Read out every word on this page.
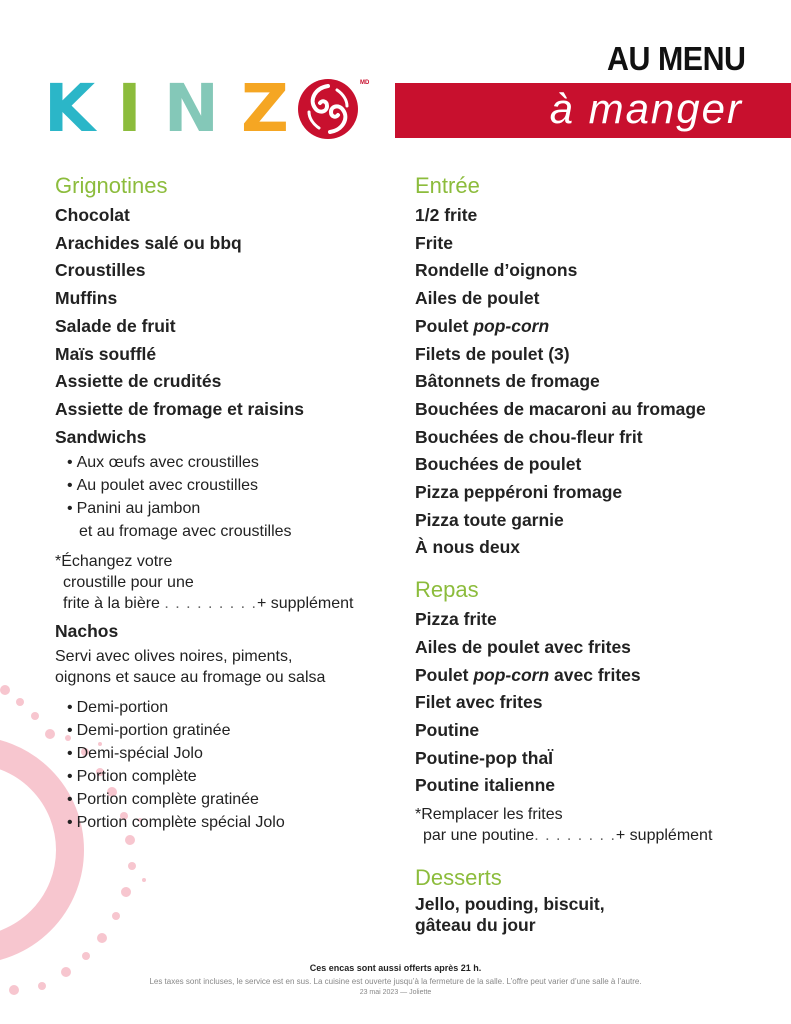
K I N Z	MD
AU MENU
à manger
Grignotines

Chocolat

Arachides salé ou bbq

Croustilles

Muffins

Salade de fruit

Maïs soufflé

Assiette de crudités

Assiette de fromage et raisins

Sandwichs

• Aux œufs avec croustilles

• Au poulet avec croustilles

• Panini au jambon

et au fromage avec croustilles

*Échangez votre

croustille pour une

frite à la bière . . . . . . . . .+ supplément

Nachos

Servi avec olives noires, piments,

oignons et sauce au fromage ou salsa

• Demi-portion

• Demi-portion gratinée

• Demi-spécial Jolo

• Portion complète

• Portion complète gratinée

• Portion complète spécial Jolo

Entrée

1/2 frite

Frite

Rondelle d’oignons

Ailes de poulet

Poulet pop-corn

Filets de poulet (3)

Bâtonnets de fromage

Bouchées de macaroni au fromage

Bouchées de chou-fleur frit

Bouchées de poulet

Pizza peppéroni fromage

Pizza toute garnie

À nous deux

Repas

Pizza frite

Ailes de poulet avec frites

Poulet pop-corn avec frites

Filet avec frites

Poutine

Poutine-pop thaÏ

Poutine italienne

*Remplacer les frites

par une poutine. . . . . . . .+ supplément

Desserts

Jello, pouding, biscuit,

gâteau du jour

Ces encas sont aussi offerts après 21 h.
Les taxes sont incluses, le service est en sus. La cuisine est ouverte jusqu’à la fermeture de la salle. L’offre peut varier d’une salle à l’autre.
23 mai 2023 — Joliette
